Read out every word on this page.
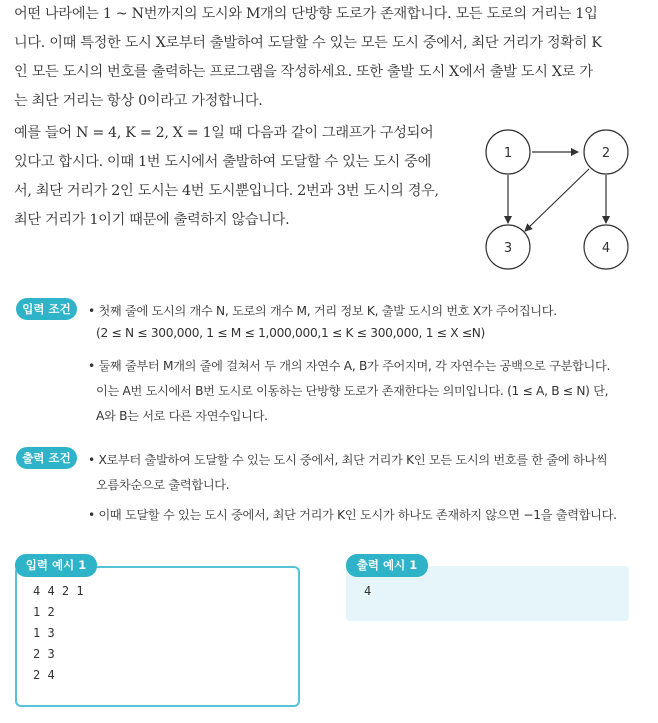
어떤 나라에는 1 ~ N번까지의 도시와 M개의 단방향 도로가 존재합니다. 모든 도로의 거리는 1입
니다. 이때 특정한 도시 X로부터 출발하여 도달할 수 있는 모든 도시 중에서, 최단 거리가 정확히 K
인 모든 도시의 번호를 출력하는 프로그램을 작성하세요. 또한 출발 도시 X에서 출발 도시 X로 가
는 최단 거리는 항상 0이라고 가정합니다.
예를 들어 N = 4, K = 2, X = 1일 때 다음과 같이 그래프가 구성되어
있다고 합시다. 이때 1번 도시에서 출발하여 도달할 수 있는 도시 중에
서, 최단 거리가 2인 도시는 4번 도시뿐입니다. 2번과 3번 도시의 경우,
최단 거리가 1이기 때문에 출력하지 않습니다.
1	2
3	4
입력 조건	• 첫째 줄에 도시의 개수 N, 도로의 개수 M, 거리 정보 K, 출발 도시의 번호 X가 주어집니다.
(2 ≤ N ≤ 300,000, 1 ≤ M ≤ 1,000,000,1 ≤ K ≤ 300,000, 1 ≤ X ≤N)
• 둘째 줄부터 M개의 줄에 걸쳐서 두 개의 자연수 A, B가 주어지며, 각 자연수는 공백으로 구분합니다.
이는 A번 도시에서 B번 도시로 이동하는 단방향 도로가 존재한다는 의미입니다. (1 ≤ A, B ≤ N) 단,
A와 B는 서로 다른 자연수입니다.
출력 조건	• X로부터 출발하여 도달할 수 있는 도시 중에서, 최단 거리가 K인 모든 도시의 번호를 한 줄에 하나씩
오름차순으로 출력합니다.
• 이때 도달할 수 있는 도시 중에서, 최단 거리가 K인 도시가 하나도 존재하지 않으면 −1을 출력합니다.
입력 예시 1
4 4 2 1
1 2
1 3
2 3
2 4
출력 예시 1
4
